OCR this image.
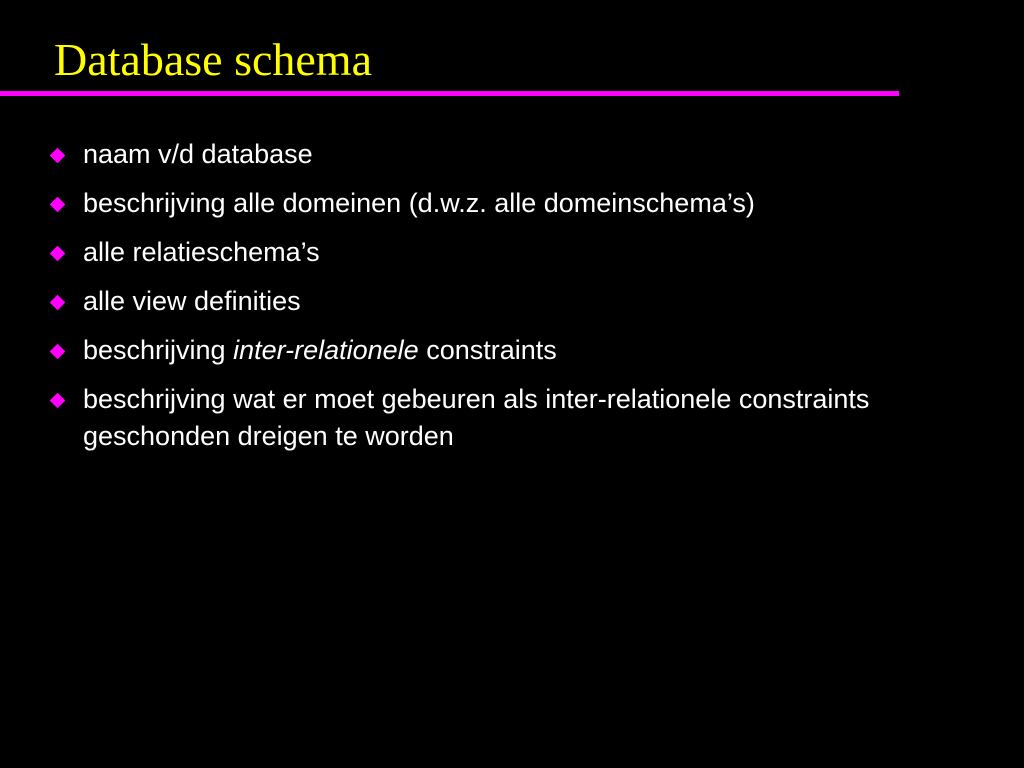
Database schema
naam v/d database
beschrijving alle domeinen (d.w.z. alle domeinschema’s)
alle relatieschema’s
alle view definities
beschrijving inter-relationele constraints
beschrijving wat er moet gebeuren als inter-relationele constraints geschonden dreigen te worden
